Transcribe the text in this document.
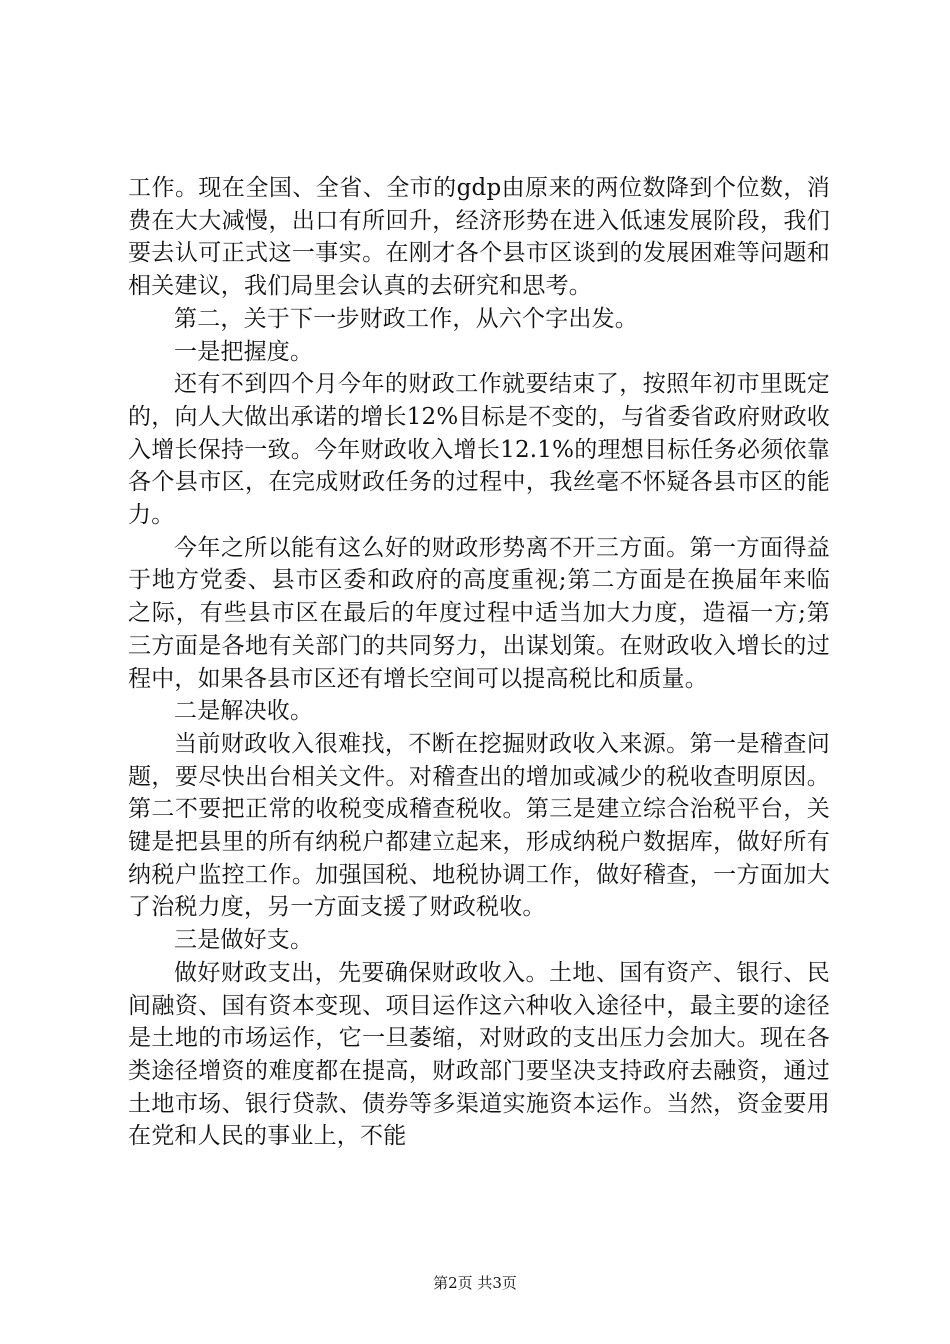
工作。现在全国、全省、全市的gdp由原来的两位数降到个位数，消费在大大减慢，出口有所回升，经济形势在进入低速发展阶段，我们要去认可正式这一事实。在刚才各个县市区谈到的发展困难等问题和相关建议，我们局里会认真的去研究和思考。

第二，关于下一步财政工作，从六个字出发。

一是把握度。

还有不到四个月今年的财政工作就要结束了，按照年初市里既定的，向人大做出承诺的增长12%目标是不变的，与省委省政府财政收入增长保持一致。今年财政收入增长12.1%的理想目标任务必须依靠各个县市区，在完成财政任务的过程中，我丝毫不怀疑各县市区的能力。

今年之所以能有这么好的财政形势离不开三方面。第一方面得益于地方党委、县市区委和政府的高度重视;第二方面是在换届年来临之际，有些县市区在最后的年度过程中适当加大力度，造福一方;第三方面是各地有关部门的共同努力，出谋划策。在财政收入增长的过程中，如果各县市区还有增长空间可以提高税比和质量。

二是解决收。

当前财政收入很难找，不断在挖掘财政收入来源。第一是稽查问题，要尽快出台相关文件。对稽查出的增加或减少的税收查明原因。第二不要把正常的收税变成稽查税收。第三是建立综合治税平台，关键是把县里的所有纳税户都建立起来，形成纳税户数据库，做好所有纳税户监控工作。加强国税、地税协调工作，做好稽查，一方面加大了治税力度，另一方面支援了财政税收。

三是做好支。

做好财政支出，先要确保财政收入。土地、国有资产、银行、民间融资、国有资本变现、项目运作这六种收入途径中，最主要的途径是土地的市场运作，它一旦萎缩，对财政的支出压力会加大。现在各类途径增资的难度都在提高，财政部门要坚决支持政府去融资，通过土地市场、银行贷款、债券等多渠道实施资本运作。当然，资金要用在党和人民的事业上，不能

第2页 共3页
